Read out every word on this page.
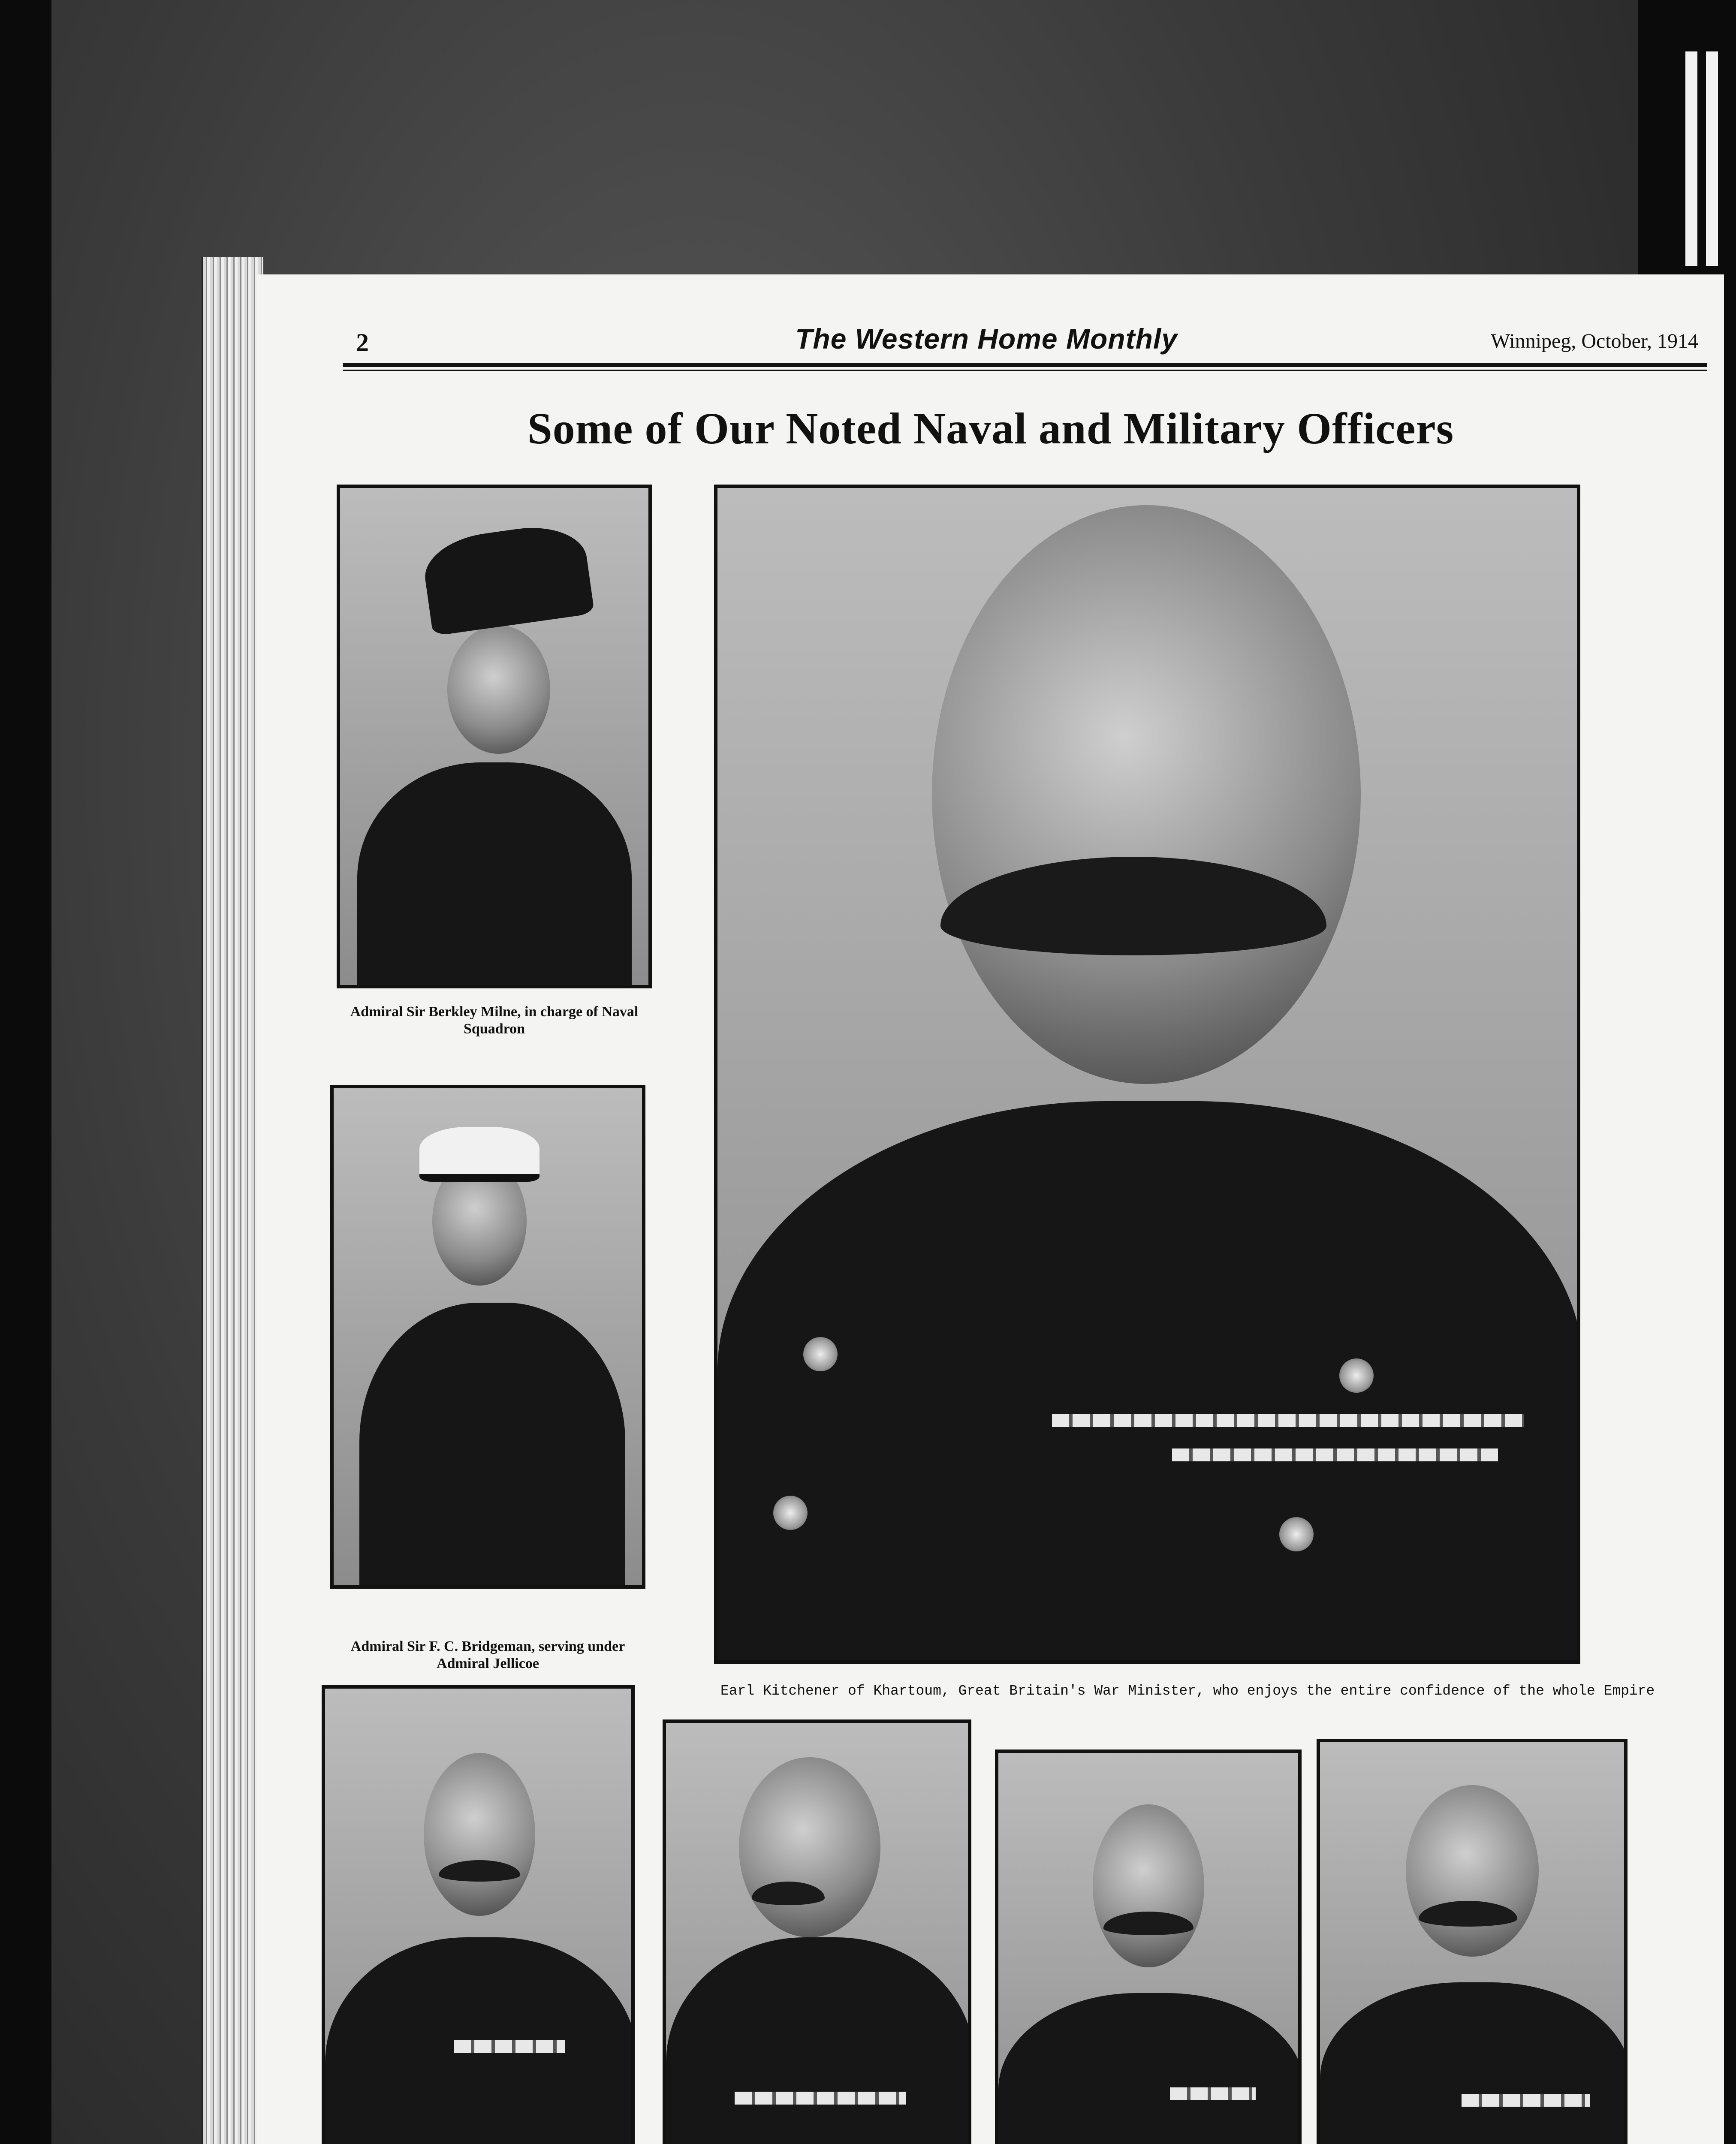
2	The Western Home Monthly	Winnipeg, October, 1914
Some of Our Noted Naval and Military Officers
Admiral Sir Berkley Milne, in charge of Naval Squadron
Admiral Sir F. C. Bridgeman, serving under Admiral Jellicoe
Earl Kitchener of Khartoum, Great Britain's War Minister, who enjoys the entire confidence of the whole Empire
